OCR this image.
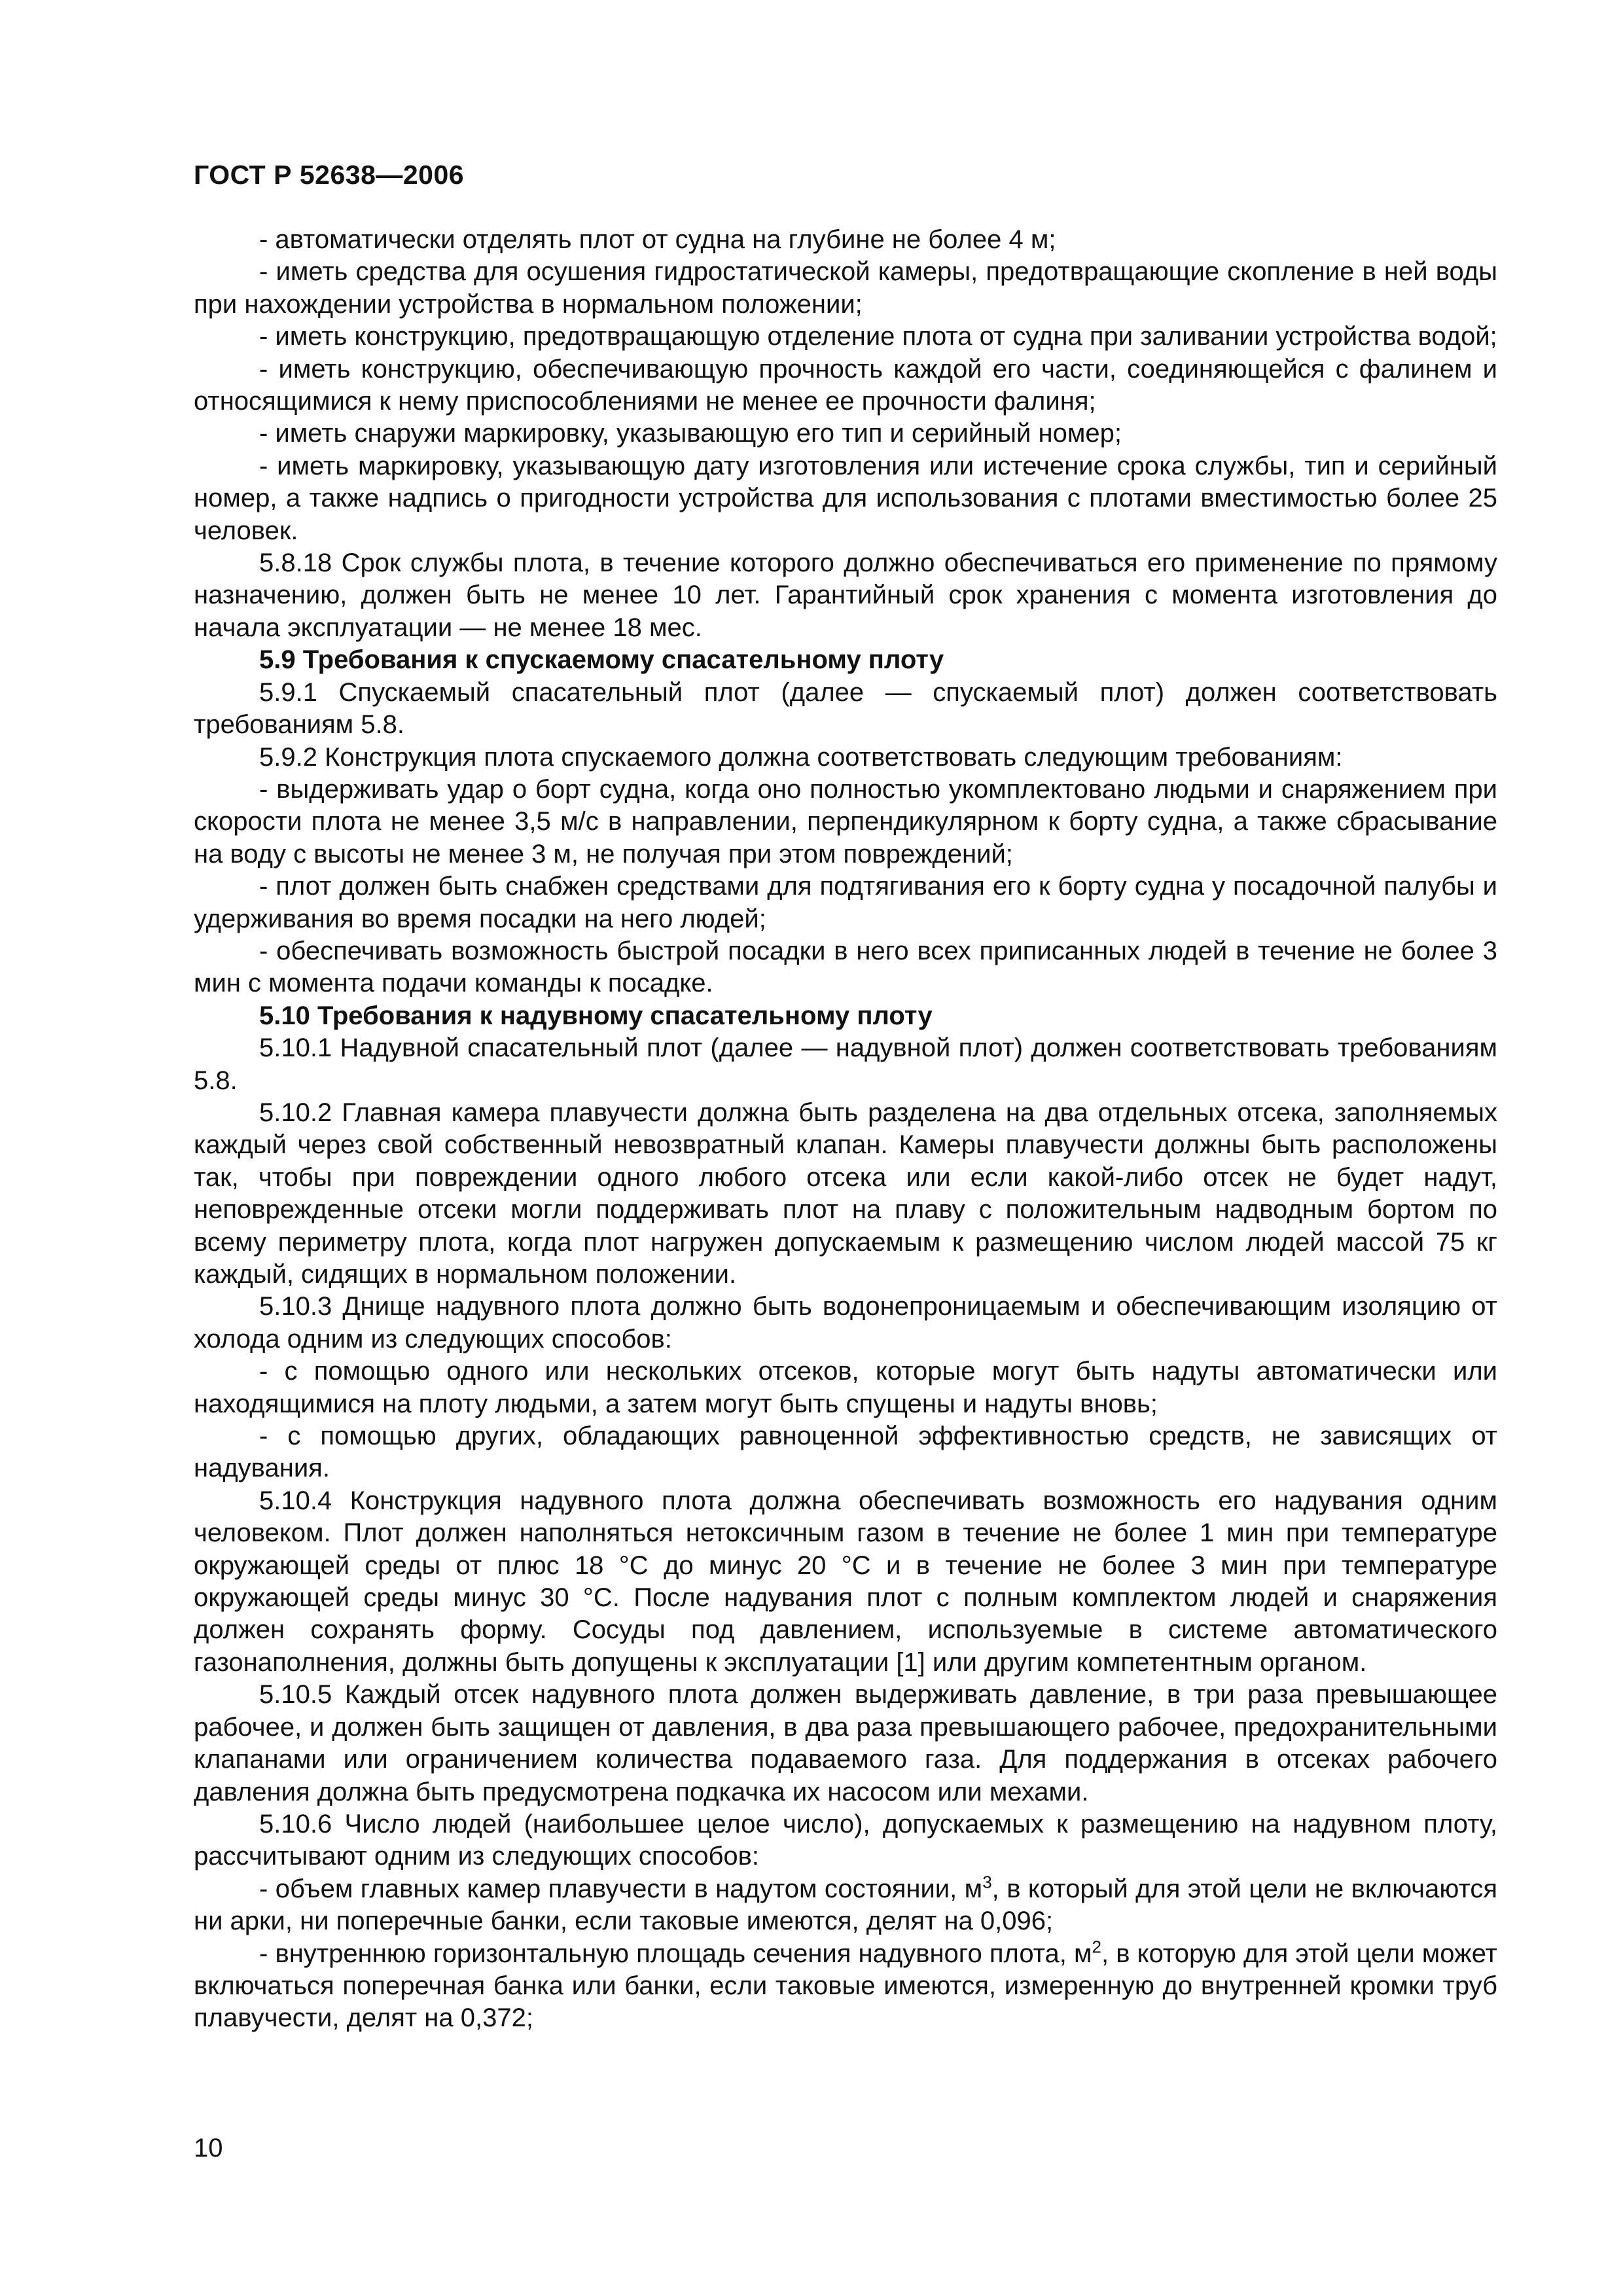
ГОСТ Р 52638—2006

- автоматически отделять плот от судна на глубине не более 4 м;

- иметь средства для осушения гидростатической камеры, предотвращающие скопление в ней воды при нахождении устройства в нормальном положении;

- иметь конструкцию, предотвращающую отделение плота от судна при заливании устройства водой;

- иметь конструкцию, обеспечивающую прочность каждой его части, соединяющейся с фалинем и относящимися к нему приспособлениями не менее ее прочности фалиня;

- иметь снаружи маркировку, указывающую его тип и серийный номер;

- иметь маркировку, указывающую дату изготовления или истечение срока службы, тип и серийный номер, а также надпись о пригодности устройства для использования с плотами вместимостью более 25 человек.

5.8.18 Срок службы плота, в течение которого должно обеспечиваться его применение по прямому назначению, должен быть не менее 10 лет. Гарантийный срок хранения с момента изготовления до начала эксплуатации — не менее 18 мес.

5.9 Требования к спускаемому спасательному плоту

5.9.1 Спускаемый спасательный плот (далее — спускаемый плот) должен соответствовать требованиям 5.8.

5.9.2 Конструкция плота спускаемого должна соответствовать следующим требованиям:

- выдерживать удар о борт судна, когда оно полностью укомплектовано людьми и снаряжением при скорости плота не менее 3,5 м/с в направлении, перпендикулярном к борту судна, а также сбрасывание на воду с высоты не менее 3 м, не получая при этом повреждений;

- плот должен быть снабжен средствами для подтягивания его к борту судна у посадочной палубы и удерживания во время посадки на него людей;

- обеспечивать возможность быстрой посадки в него всех приписанных людей в течение не более 3 мин с момента подачи команды к посадке.

5.10 Требования к надувному спасательному плоту

5.10.1 Надувной спасательный плот (далее — надувной плот) должен соответствовать требованиям 5.8.

5.10.2 Главная камера плавучести должна быть разделена на два отдельных отсека, заполняемых каждый через свой собственный невозвратный клапан. Камеры плавучести должны быть расположены так, чтобы при повреждении одного любого отсека или если какой-либо отсек не будет надут, неповрежденные отсеки могли поддерживать плот на плаву с положительным надводным бортом по всему периметру плота, когда плот нагружен допускаемым к размещению числом людей массой 75 кг каждый, сидящих в нормальном положении.

5.10.3 Днище надувного плота должно быть водонепроницаемым и обеспечивающим изоляцию от холода одним из следующих способов:

- с помощью одного или нескольких отсеков, которые могут быть надуты автоматически или находящимися на плоту людьми, а затем могут быть спущены и надуты вновь;

- с помощью других, обладающих равноценной эффективностью средств, не зависящих от надувания.

5.10.4 Конструкция надувного плота должна обеспечивать возможность его надувания одним человеком. Плот должен наполняться нетоксичным газом в течение не более 1 мин при температуре окружающей среды от плюс 18 °С до минус 20 °С и в течение не более 3 мин при температуре окружающей среды минус 30 °С. После надувания плот с полным комплектом людей и снаряжения должен сохранять форму. Сосуды под давлением, используемые в системе автоматического газонаполнения, должны быть допущены к эксплуатации [1] или другим компетентным органом.

5.10.5 Каждый отсек надувного плота должен выдерживать давление, в три раза превышающее рабочее, и должен быть защищен от давления, в два раза превышающего рабочее, предохранительными клапанами или ограничением количества подаваемого газа. Для поддержания в отсеках рабочего давления должна быть предусмотрена подкачка их насосом или мехами.

5.10.6 Число людей (наибольшее целое число), допускаемых к размещению на надувном плоту, рассчитывают одним из следующих способов:

- объем главных камер плавучести в надутом состоянии, $м^3$, в который для этой цели не включаются ни арки, ни поперечные банки, если таковые имеются, делят на 0,096;

- внутреннюю горизонтальную площадь сечения надувного плота, $м^2$, в которую для этой цели может включаться поперечная банка или банки, если таковые имеются, измеренную до внутренней кромки труб плавучести, делят на 0,372;

10
